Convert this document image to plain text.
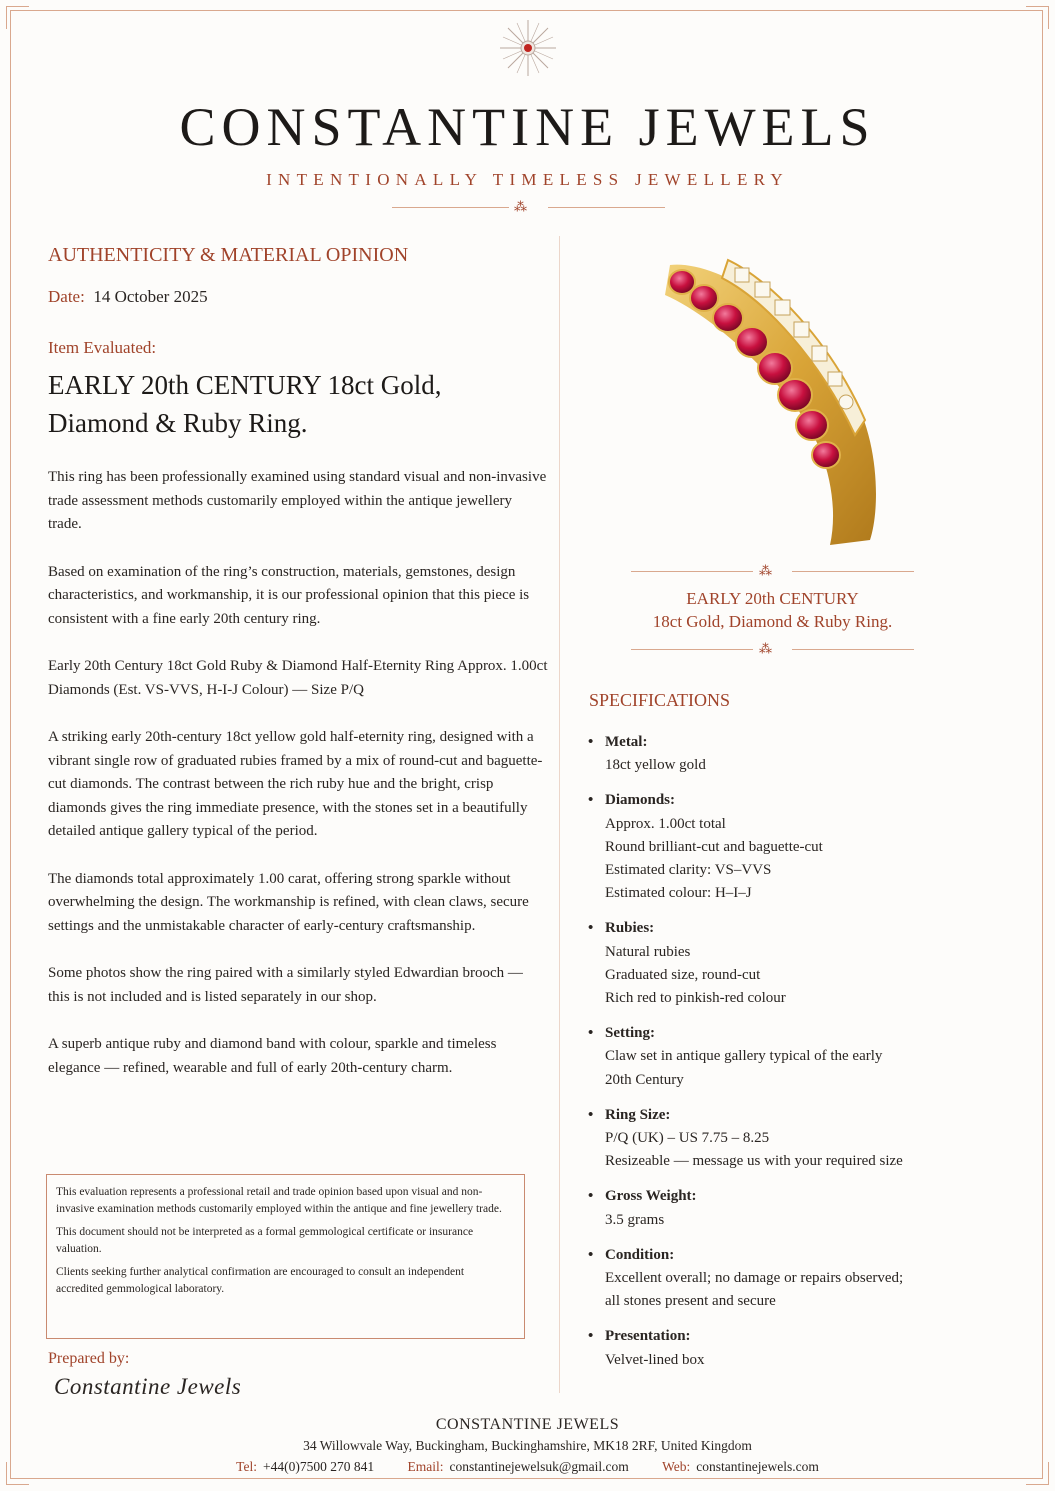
CONSTANTINE JEWELS
INTENTIONALLY TIMELESS JEWELLERY
⁂
AUTHENTICITY & MATERIAL OPINION
Date: 14 October 2025
Item Evaluated:
EARLY 20th CENTURY 18ct Gold, Diamond & Ruby Ring.

This ring has been professionally examined using standard visual and non-invasive trade assessment methods customarily employed within the antique jewellery trade.

Based on examination of the ring’s construction, materials, gemstones, design characteristics, and workmanship, it is our professional opinion that this piece is consistent with a fine early 20th century ring.

Early 20th Century 18ct Gold Ruby & Diamond Half-Eternity Ring Approx. 1.00ct Diamonds (Est. VS-VVS, H-I-J Colour) — Size P/Q

A striking early 20th-century 18ct yellow gold half-eternity ring, designed with a vibrant single row of graduated rubies framed by a mix of round-cut and baguette-cut diamonds. The contrast between the rich ruby hue and the bright, crisp diamonds gives the ring immediate presence, with the stones set in a beautifully detailed antique gallery typical of the period.

The diamonds total approximately 1.00 carat, offering strong sparkle without overwhelming the design. The workmanship is refined, with clean claws, secure settings and the unmistakable character of early-century craftsmanship.

Some photos show the ring paired with a similarly styled Edwardian brooch — this is not included and is listed separately in our shop.

A superb antique ruby and diamond band with colour, sparkle and timeless elegance — refined, wearable and full of early 20th-century charm.

This evaluation represents a professional retail and trade opinion based upon visual and non-invasive examination methods customarily employed within the antique and fine jewellery trade.

This document should not be interpreted as a formal gemmological certificate or insurance valuation.

Clients seeking further analytical confirmation are encouraged to consult an independent accredited gemmological laboratory.

Prepared by:
Constantine Jewels
⁂
EARLY 20th CENTURY
18ct Gold, Diamond & Ruby Ring.
⁂
SPECIFICATIONS
• Metal:
18ct yellow gold
• Diamonds:
Approx. 1.00ct total
Round brilliant-cut and baguette-cut
Estimated clarity: VS–VVS
Estimated colour: H–I–J
• Rubies:
Natural rubies
Graduated size, round-cut
Rich red to pinkish-red colour
• Setting:
Claw set in antique gallery typical of the early
20th Century
• Ring Size:
P/Q (UK) – US 7.75 – 8.25
Resizeable — message us with your required size
• Gross Weight:
3.5 grams
• Condition:
Excellent overall; no damage or repairs observed;
all stones present and secure
• Presentation:
Velvet-lined box
CONSTANTINE JEWELS
34 Willowvale Way, Buckingham, Buckinghamshire, MK18 2RF, United Kingdom
Tel: +44(0)7500 270 841 Email: constantinejewelsuk@gmail.com Web: constantinejewels.com
